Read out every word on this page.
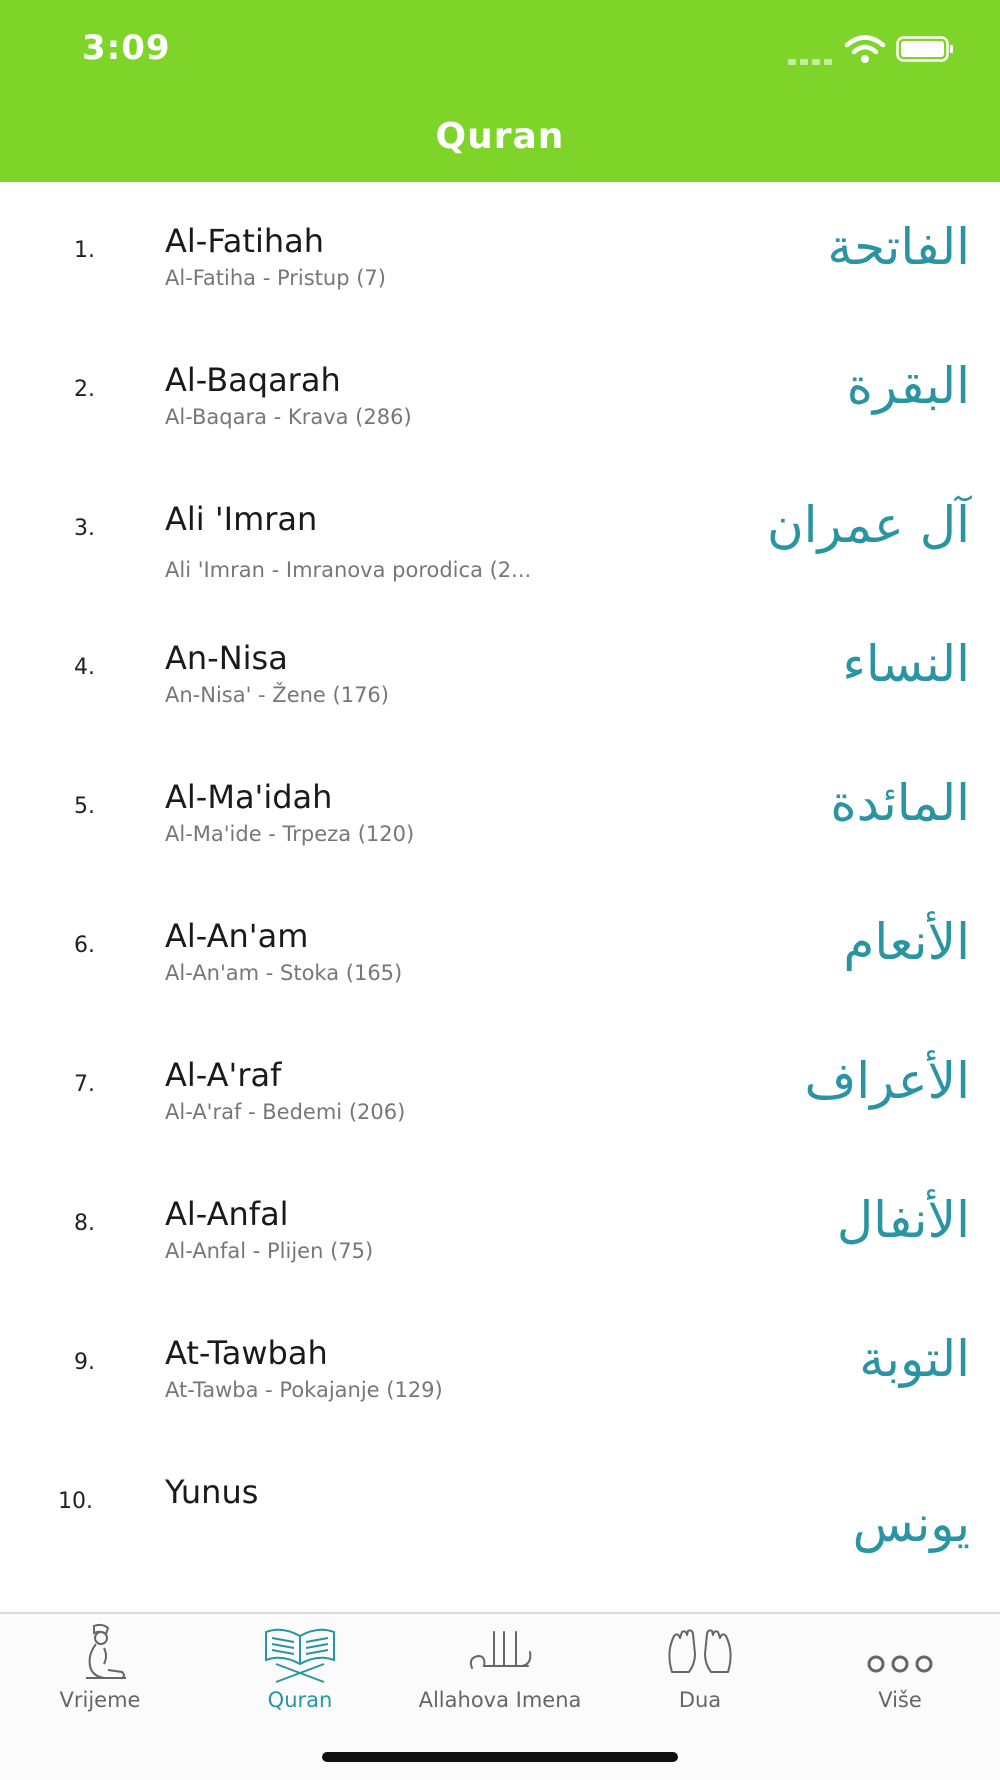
3:09
Quran
1. Al-Fatihah
Al-Fatiha - Pristup (7)
الفاتحة
2. Al-Baqarah
Al-Baqara - Krava (286)
البقرة
3. Ali 'Imran
Ali 'Imran - Imranova porodica (2...
آل عمران
4. An-Nisa
An-Nisa' - Žene (176)
النساء
5. Al-Ma'idah
Al-Ma'ide - Trpeza (120)
المائدة
6. Al-An'am
Al-An'am - Stoka (165)
الأنعام
7. Al-A'raf
Al-A'raf - Bedemi (206)
الأعراف
8. Al-Anfal
Al-Anfal - Plijen (75)
الأنفال
9. At-Tawbah
At-Tawba - Pokajanje (129)
التوبة
10. Yunus
يونس
Vrijeme	Quran	Allahova Imena	Dua	Više
